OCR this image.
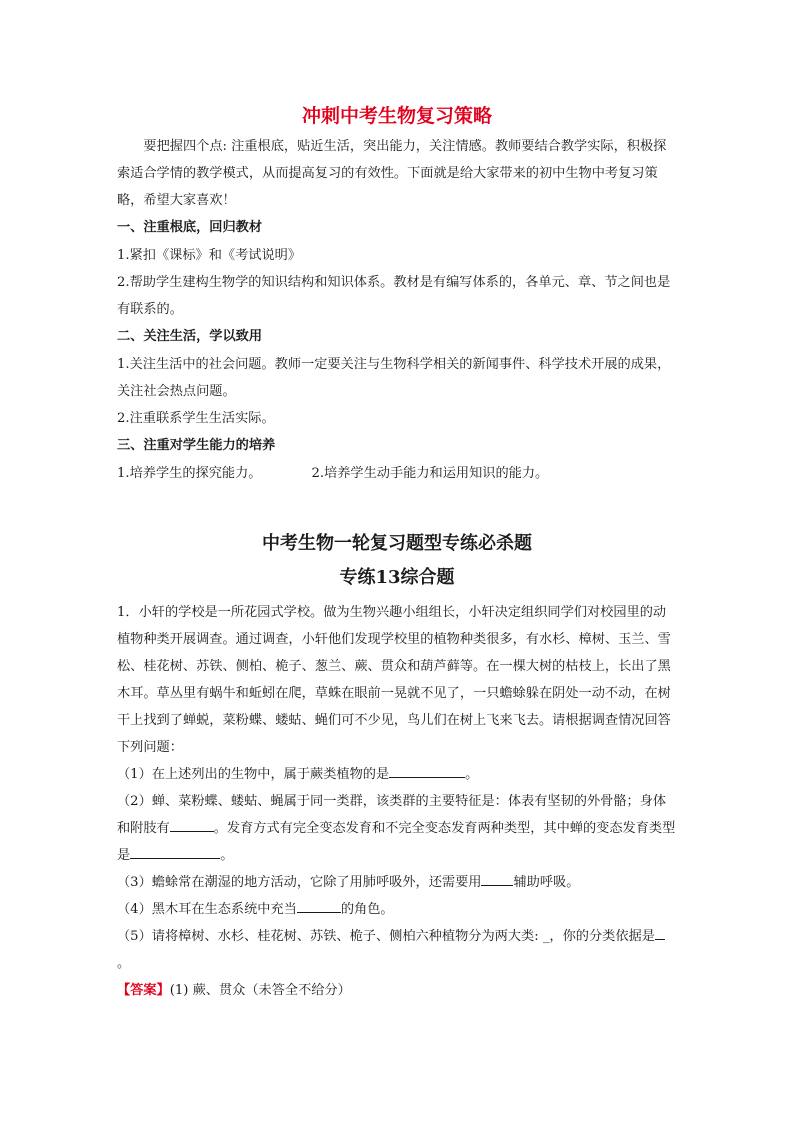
冲刺中考生物复习策略

要把握四个点: 注重根底，贴近生活，突出能力，关注情感。教师要结合教学实际，积极探索适合学情的教学模式，从而提高复习的有效性。下面就是给大家带来的初中生物中考复习策略，希望大家喜欢！

一、注重根底，回归教材

1.紧扣《课标》和《考试说明》

2.帮助学生建构生物学的知识结构和知识体系。教材是有编写体系的，各单元、章、节之间也是有联系的。

二、关注生活，学以致用

1.关注生活中的社会问题。教师一定要关注与生物科学相关的新闻事件、科学技术开展的成果，关注社会热点问题。

2.注重联系学生生活实际。

三、注重对学生能力的培养

1.培养学生的探究能力。	2.培养学生动手能力和运用知识的能力。

中考生物一轮复习题型专练必杀题
专练13综合题

1．小轩的学校是一所花园式学校。做为生物兴趣小组组长，小轩决定组织同学们对校园里的动植物种类开展调查。通过调查，小轩他们发现学校里的植物种类很多，有水杉、樟树、玉兰、雪松、桂花树、苏铁、侧柏、桅子、葱兰、蕨、贯众和葫芦藓等。在一棵大树的枯枝上，长出了黑木耳。草丛里有蜗牛和蚯蚓在爬，草蛛在眼前一晃就不见了，一只蟾蜍躲在阴处一动不动，在树干上找到了蝉蜕，菜粉蝶、蝼蛄、蝇们可不少见，鸟儿们在树上飞来飞去。请根据调查情况回答下列问题：

（1）在上述列出的生物中，属于蕨类植物的是	。

（2）蝉、菜粉蝶、蝼蛄、蝇属于同一类群，该类群的主要特征是：体表有坚韧的外骨骼；身体和附肢有	。发育方式有完全变态发育和不完全变态发育两种类型，其中蝉的变态发育类型是	。

（3）蟾蜍常在潮湿的地方活动，它除了用肺呼吸外，还需要用 辅助呼吸。

（4）黑木耳在生态系统中充当	的角色。

（5）请将樟树、水杉、桂花树、苏铁、桅子、侧柏六种植物分为两大类: _，你的分类依据是。

【答案】(1) 蕨、贯众（未答全不给分）
